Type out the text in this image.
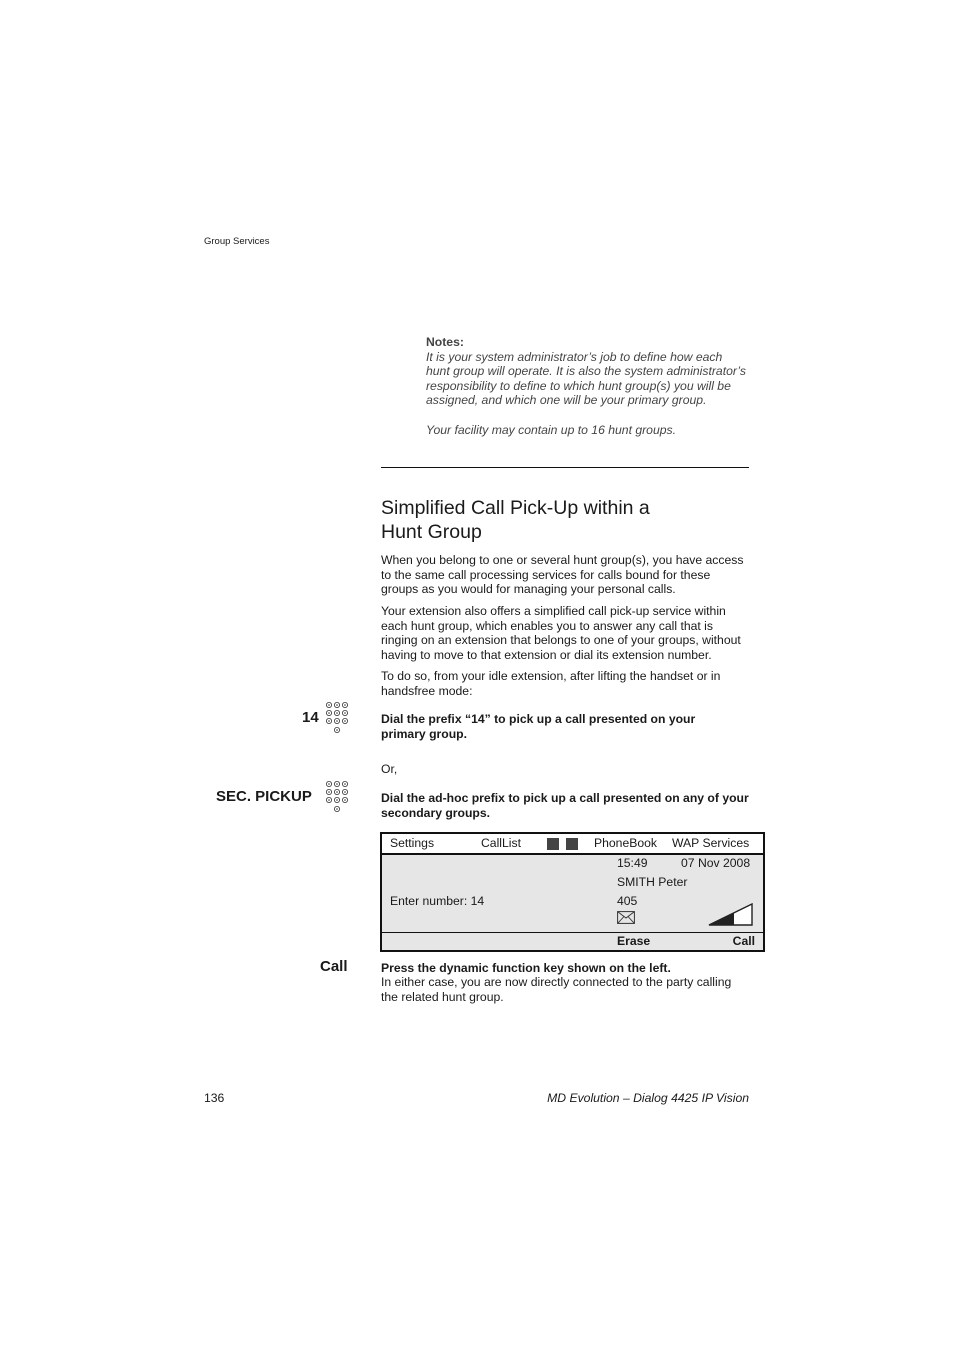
Group Services
Notes:
It is your system administrator’s job to define how each hunt group will operate. It is also the system administrator’s responsibility to define to which hunt group(s) you will be assigned, and which one will be your primary group.
Your facility may contain up to 16 hunt groups.
Simplified Call Pick-Up within a
Hunt Group
When you belong to one or several hunt group(s), you have access to the same call processing services for calls bound for these groups as you would for managing your personal calls.
Your extension also offers a simplified call pick-up service within each hunt group, which enables you to answer any call that is ringing on an extension that belongs to one of your groups, without having to move to that extension or dial its extension number.
To do so, from your idle extension, after lifting the handset or in handsfree mode:
14	Dial the prefix “14” to pick up a call presented on your primary group.
Or,
SEC. PICKUP	Dial the ad-hoc prefix to pick up a call presented on any of your secondary groups.
Settings	CallList	PhoneBook WAP Services
15:49	07 Nov 2008
SMITH Peter
Enter number: 14	405
Erase	Call
Call	Press the dynamic function key shown on the left.
In either case, you are now directly connected to the party calling the related hunt group.
136	MD Evolution – Dialog 4425 IP Vision
